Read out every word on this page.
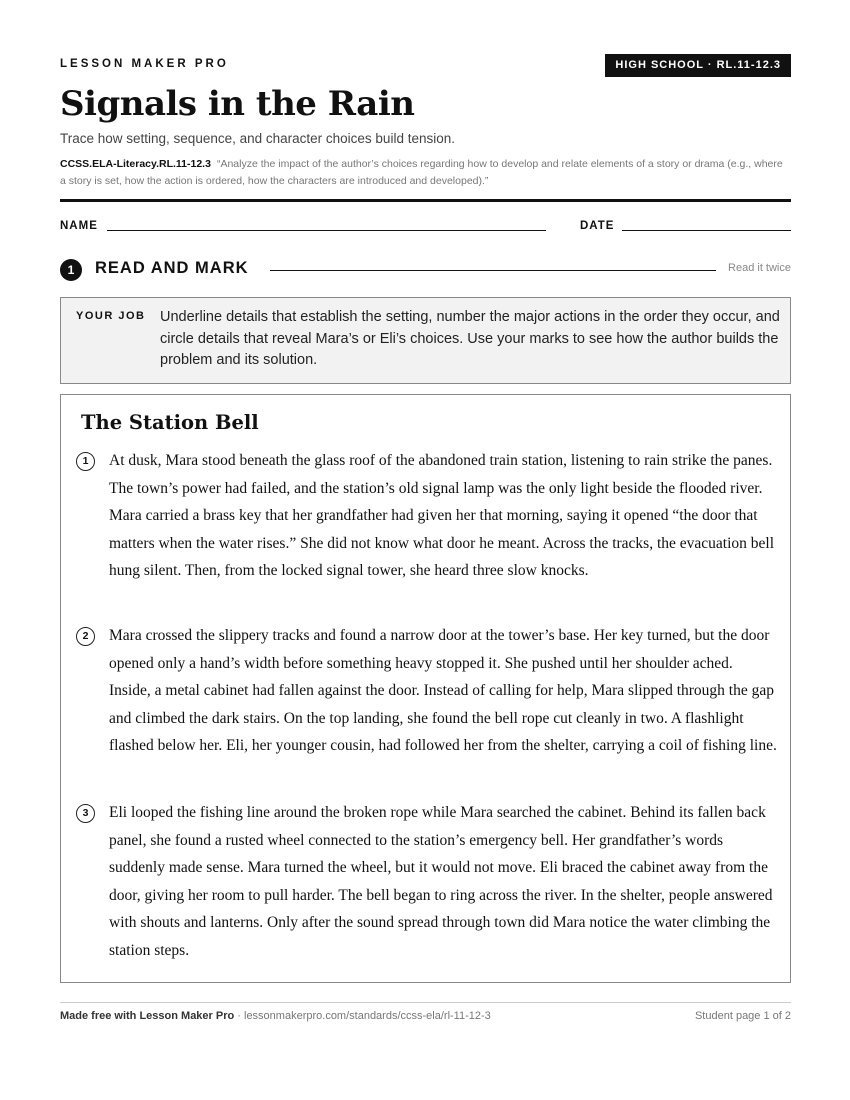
LESSON MAKER PRO	HIGH SCHOOL · RL.11-12.3
Signals in the Rain
Trace how setting, sequence, and character choices build tension.
CCSS.ELA-Literacy.RL.11-12.3 “Analyze the impact of the author’s choices regarding how to develop and relate elements of a story or drama (e.g., where a story is set, how the action is ordered, how the characters are introduced and developed).”
NAME	DATE
1	READ AND MARK	Read it twice
YOUR JOB Underline details that establish the setting, number the major actions in the order they occur, and circle details that reveal Mara’s or Eli’s choices. Use your marks to see how the author builds the problem and its solution.
The Station Bell
1	At dusk, Mara stood beneath the glass roof of the abandoned train station, listening to rain strike the panes. The town’s power had failed, and the station’s old signal lamp was the only light beside the flooded river. Mara carried a brass key that her grandfather had given her that morning, saying it opened “the door that matters when the water rises.” She did not know what door he meant. Across the tracks, the evacuation bell hung silent. Then, from the locked signal tower, she heard three slow knocks.

2	Mara crossed the slippery tracks and found a narrow door at the tower’s base. Her key turned, but the door opened only a hand’s width before something heavy stopped it. She pushed until her shoulder ached. Inside, a metal cabinet had fallen against the door. Instead of calling for help, Mara slipped through the gap and climbed the dark stairs. On the top landing, she found the bell rope cut cleanly in two. A flashlight flashed below her. Eli, her younger cousin, had followed her from the shelter, carrying a coil of fishing line.

3	Eli looped the fishing line around the broken rope while Mara searched the cabinet. Behind its fallen back panel, she found a rusted wheel connected to the station’s emergency bell. Her grandfather’s words suddenly made sense. Mara turned the wheel, but it would not move. Eli braced the cabinet away from the door, giving her room to pull harder. The bell began to ring across the river. In the shelter, people answered with shouts and lanterns. Only after the sound spread through town did Mara notice the water climbing the station steps.

Made free with Lesson Maker Pro · lessonmakerpro.com/standards/ccss-ela/rl-11-12-3	Student page 1 of 2
